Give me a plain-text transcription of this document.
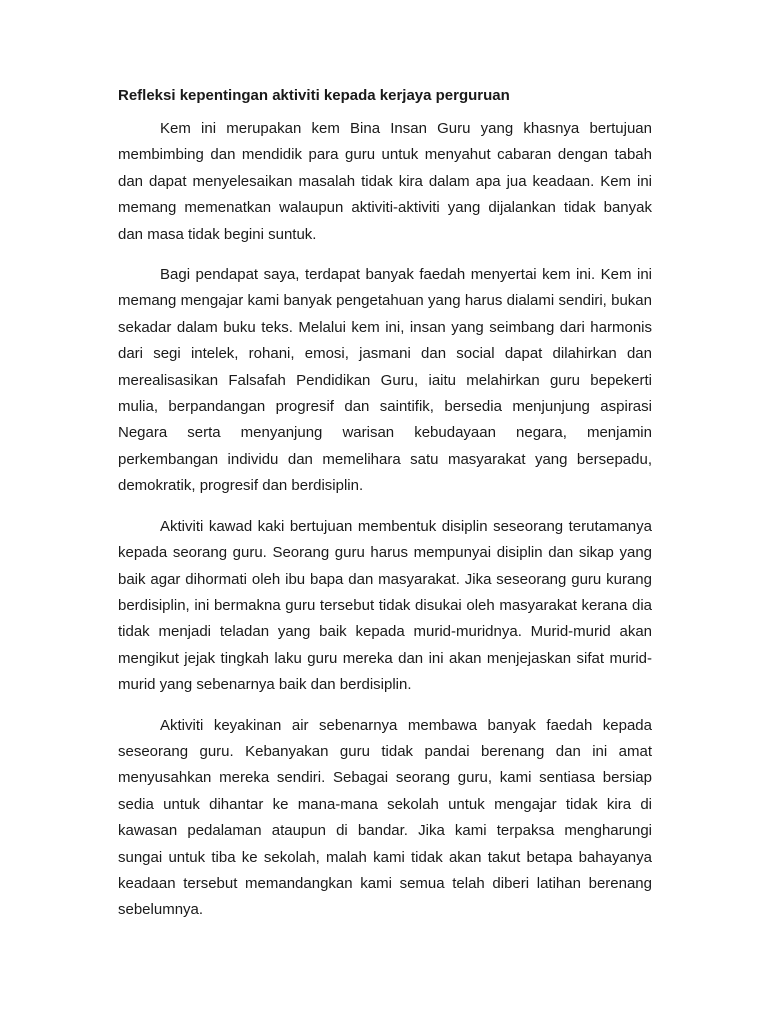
Refleksi kepentingan aktiviti kepada kerjaya perguruan

Kem ini merupakan kem Bina Insan Guru yang khasnya bertujuan membimbing dan mendidik para guru untuk menyahut cabaran dengan tabah dan dapat menyelesaikan masalah tidak kira dalam apa jua keadaan. Kem ini memang memenatkan walaupun aktiviti-aktiviti yang dijalankan tidak banyak dan masa tidak begini suntuk.

Bagi pendapat saya, terdapat banyak faedah menyertai kem ini. Kem ini memang mengajar kami banyak pengetahuan yang harus dialami sendiri, bukan sekadar dalam buku teks. Melalui kem ini, insan yang seimbang dari harmonis dari segi intelek, rohani, emosi, jasmani dan social dapat dilahirkan dan merealisasikan Falsafah Pendidikan Guru, iaitu melahirkan guru bepekerti mulia, berpandangan progresif dan saintifik, bersedia menjunjung aspirasi Negara serta menyanjung warisan kebudayaan negara, menjamin perkembangan individu dan memelihara satu masyarakat yang bersepadu, demokratik, progresif dan berdisiplin.

Aktiviti kawad kaki bertujuan membentuk disiplin seseorang terutamanya kepada seorang guru. Seorang guru harus mempunyai disiplin dan sikap yang baik agar dihormati oleh ibu bapa dan masyarakat. Jika seseorang guru kurang berdisiplin, ini bermakna guru tersebut tidak disukai oleh masyarakat kerana dia tidak menjadi teladan yang baik kepada murid-muridnya. Murid-murid akan mengikut jejak tingkah laku guru mereka dan ini akan menjejaskan sifat murid-murid yang sebenarnya baik dan berdisiplin.

Aktiviti keyakinan air sebenarnya membawa banyak faedah kepada seseorang guru. Kebanyakan guru tidak pandai berenang dan ini amat menyusahkan mereka sendiri. Sebagai seorang guru, kami sentiasa bersiap sedia untuk dihantar ke mana-mana sekolah untuk mengajar tidak kira di kawasan pedalaman ataupun di bandar. Jika kami terpaksa mengharungi sungai untuk tiba ke sekolah, malah kami tidak akan takut betapa bahayanya keadaan tersebut memandangkan kami semua telah diberi latihan berenang sebelumnya.
